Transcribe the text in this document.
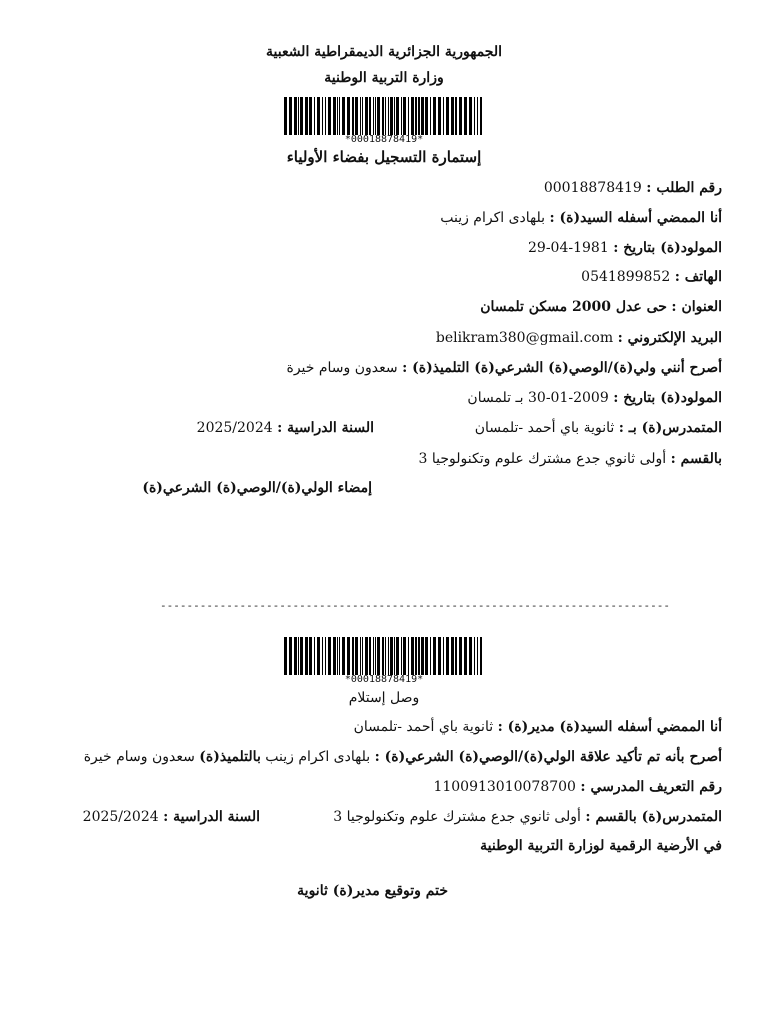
الجمهورية الجزائرية الديمقراطية الشعبية
وزارة التربية الوطنية
*00018878419*
إستمارة التسجيل بفضاء الأولياء
رقم الطلب : 00018878419
أنا الممضي أسفله السيد(ة) : بلهادى اكرام زينب
المولود(ة) بتاريخ : 1981-04-29
الهاتف : 0541899852
العنوان : حى عدل 2000 مسكن تلمسان
البريد الإلكتروني : belikram380@gmail.com
أصرح أنني ولي(ة)/الوصي(ة) الشرعي(ة) التلميذ(ة) : سعدون وسام خيرة
المولود(ة) بتاريخ : 2009-01-30 بـ تلمسان
المتمدرس(ة) بـ : ثانوية باي أحمد -تلمسان
السنة الدراسية : 2025/2024
بالقسم : أولى ثانوي جدع مشترك علوم وتكنولوجيا 3
إمضاء الولي(ة)/الوصي(ة) الشرعي(ة)
-----------------------------------------------------------------------------
*00018878419*
وصل إستلام
أنا الممضي أسفله السيد(ة) مدير(ة) : ثانوية باي أحمد -تلمسان
أصرح بأنه تم تأكيد علاقة الولي(ة)/الوصي(ة) الشرعي(ة) : بلهادى اكرام زينب بالتلميذ(ة) سعدون وسام خيرة
رقم التعريف المدرسي : 1100913010078700
المتمدرس(ة) بالقسم : أولى ثانوي جدع مشترك علوم وتكنولوجيا 3
السنة الدراسية : 2025/2024
في الأرضية الرقمية لوزارة التربية الوطنية
ختم وتوقيع مدير(ة) ثانوية
